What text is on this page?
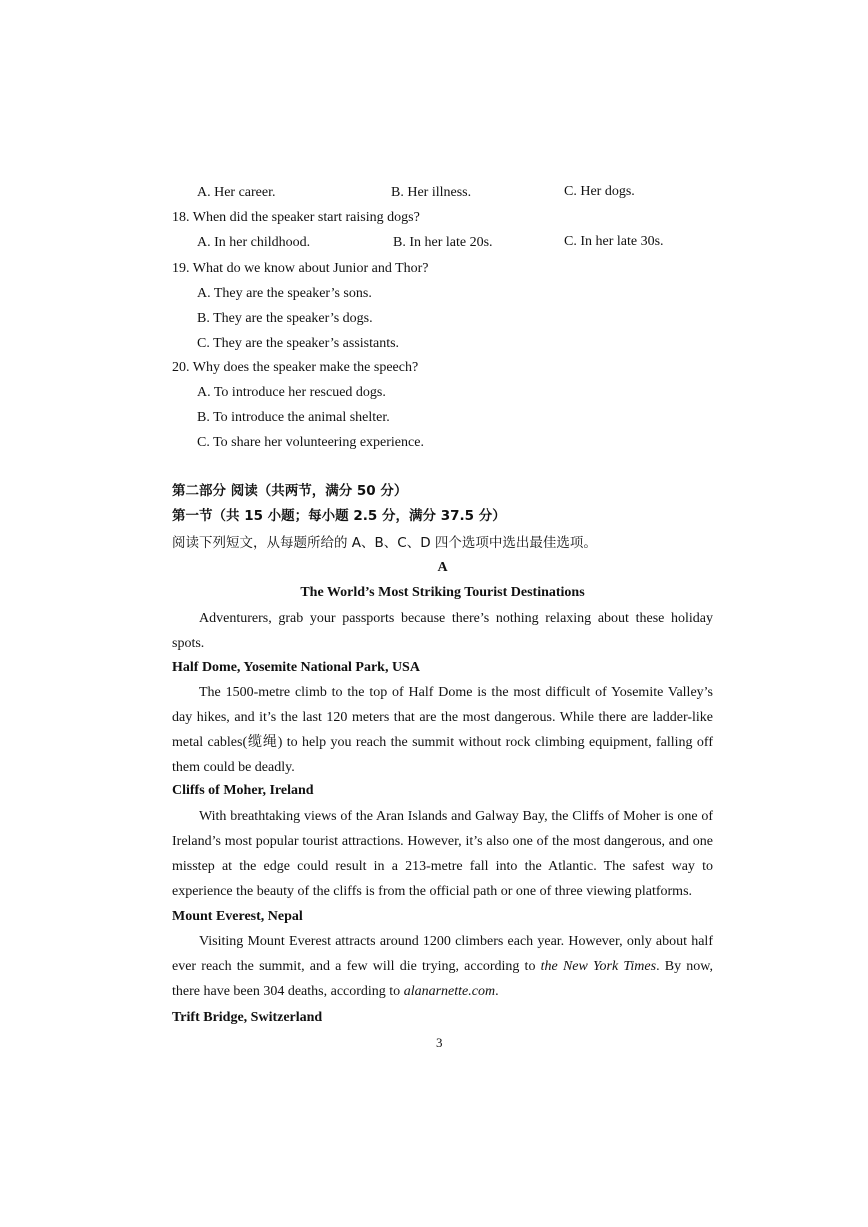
A. Her career.	B. Her illness.	C. Her dogs.
18. When did the speaker start raising dogs?
A. In her childhood.	B. In her late 20s.	C. In her late 30s.
19. What do we know about Junior and Thor?
A. They are the speaker’s sons.
B. They are the speaker’s dogs.
C. They are the speaker’s assistants.
20. Why does the speaker make the speech?
A. To introduce her rescued dogs.
B. To introduce the animal shelter.
C. To share her volunteering experience.
第二部分 阅读（共两节，满分 50 分）
第一节（共 15 小题；每小题 2.5 分，满分 37.5 分）
阅读下列短文，从每题所给的 A、B、C、D 四个选项中选出最佳选项。
A
The World’s Most Striking Tourist Destinations
Adventurers, grab your passports because there’s nothing relaxing about these holiday spots.
Half Dome, Yosemite National Park, USA
The 1500-metre climb to the top of Half Dome is the most difficult of Yosemite Valley’s day hikes, and it’s the last 120 meters that are the most dangerous. While there are ladder-like metal cables(缆绳) to help you reach the summit without rock climbing equipment, falling off them could be deadly.
Cliffs of Moher, Ireland
With breathtaking views of the Aran Islands and Galway Bay, the Cliffs of Moher is one of Ireland’s most popular tourist attractions. However, it’s also one of the most dangerous, and one misstep at the edge could result in a 213-metre fall into the Atlantic. The safest way to experience the beauty of the cliffs is from the official path or one of three viewing platforms.
Mount Everest, Nepal
Visiting Mount Everest attracts around 1200 climbers each year. However, only about half ever reach the summit, and a few will die trying, according to the New York Times. By now, there have been 304 deaths, according to alanarnette.com.
Trift Bridge, Switzerland
3
